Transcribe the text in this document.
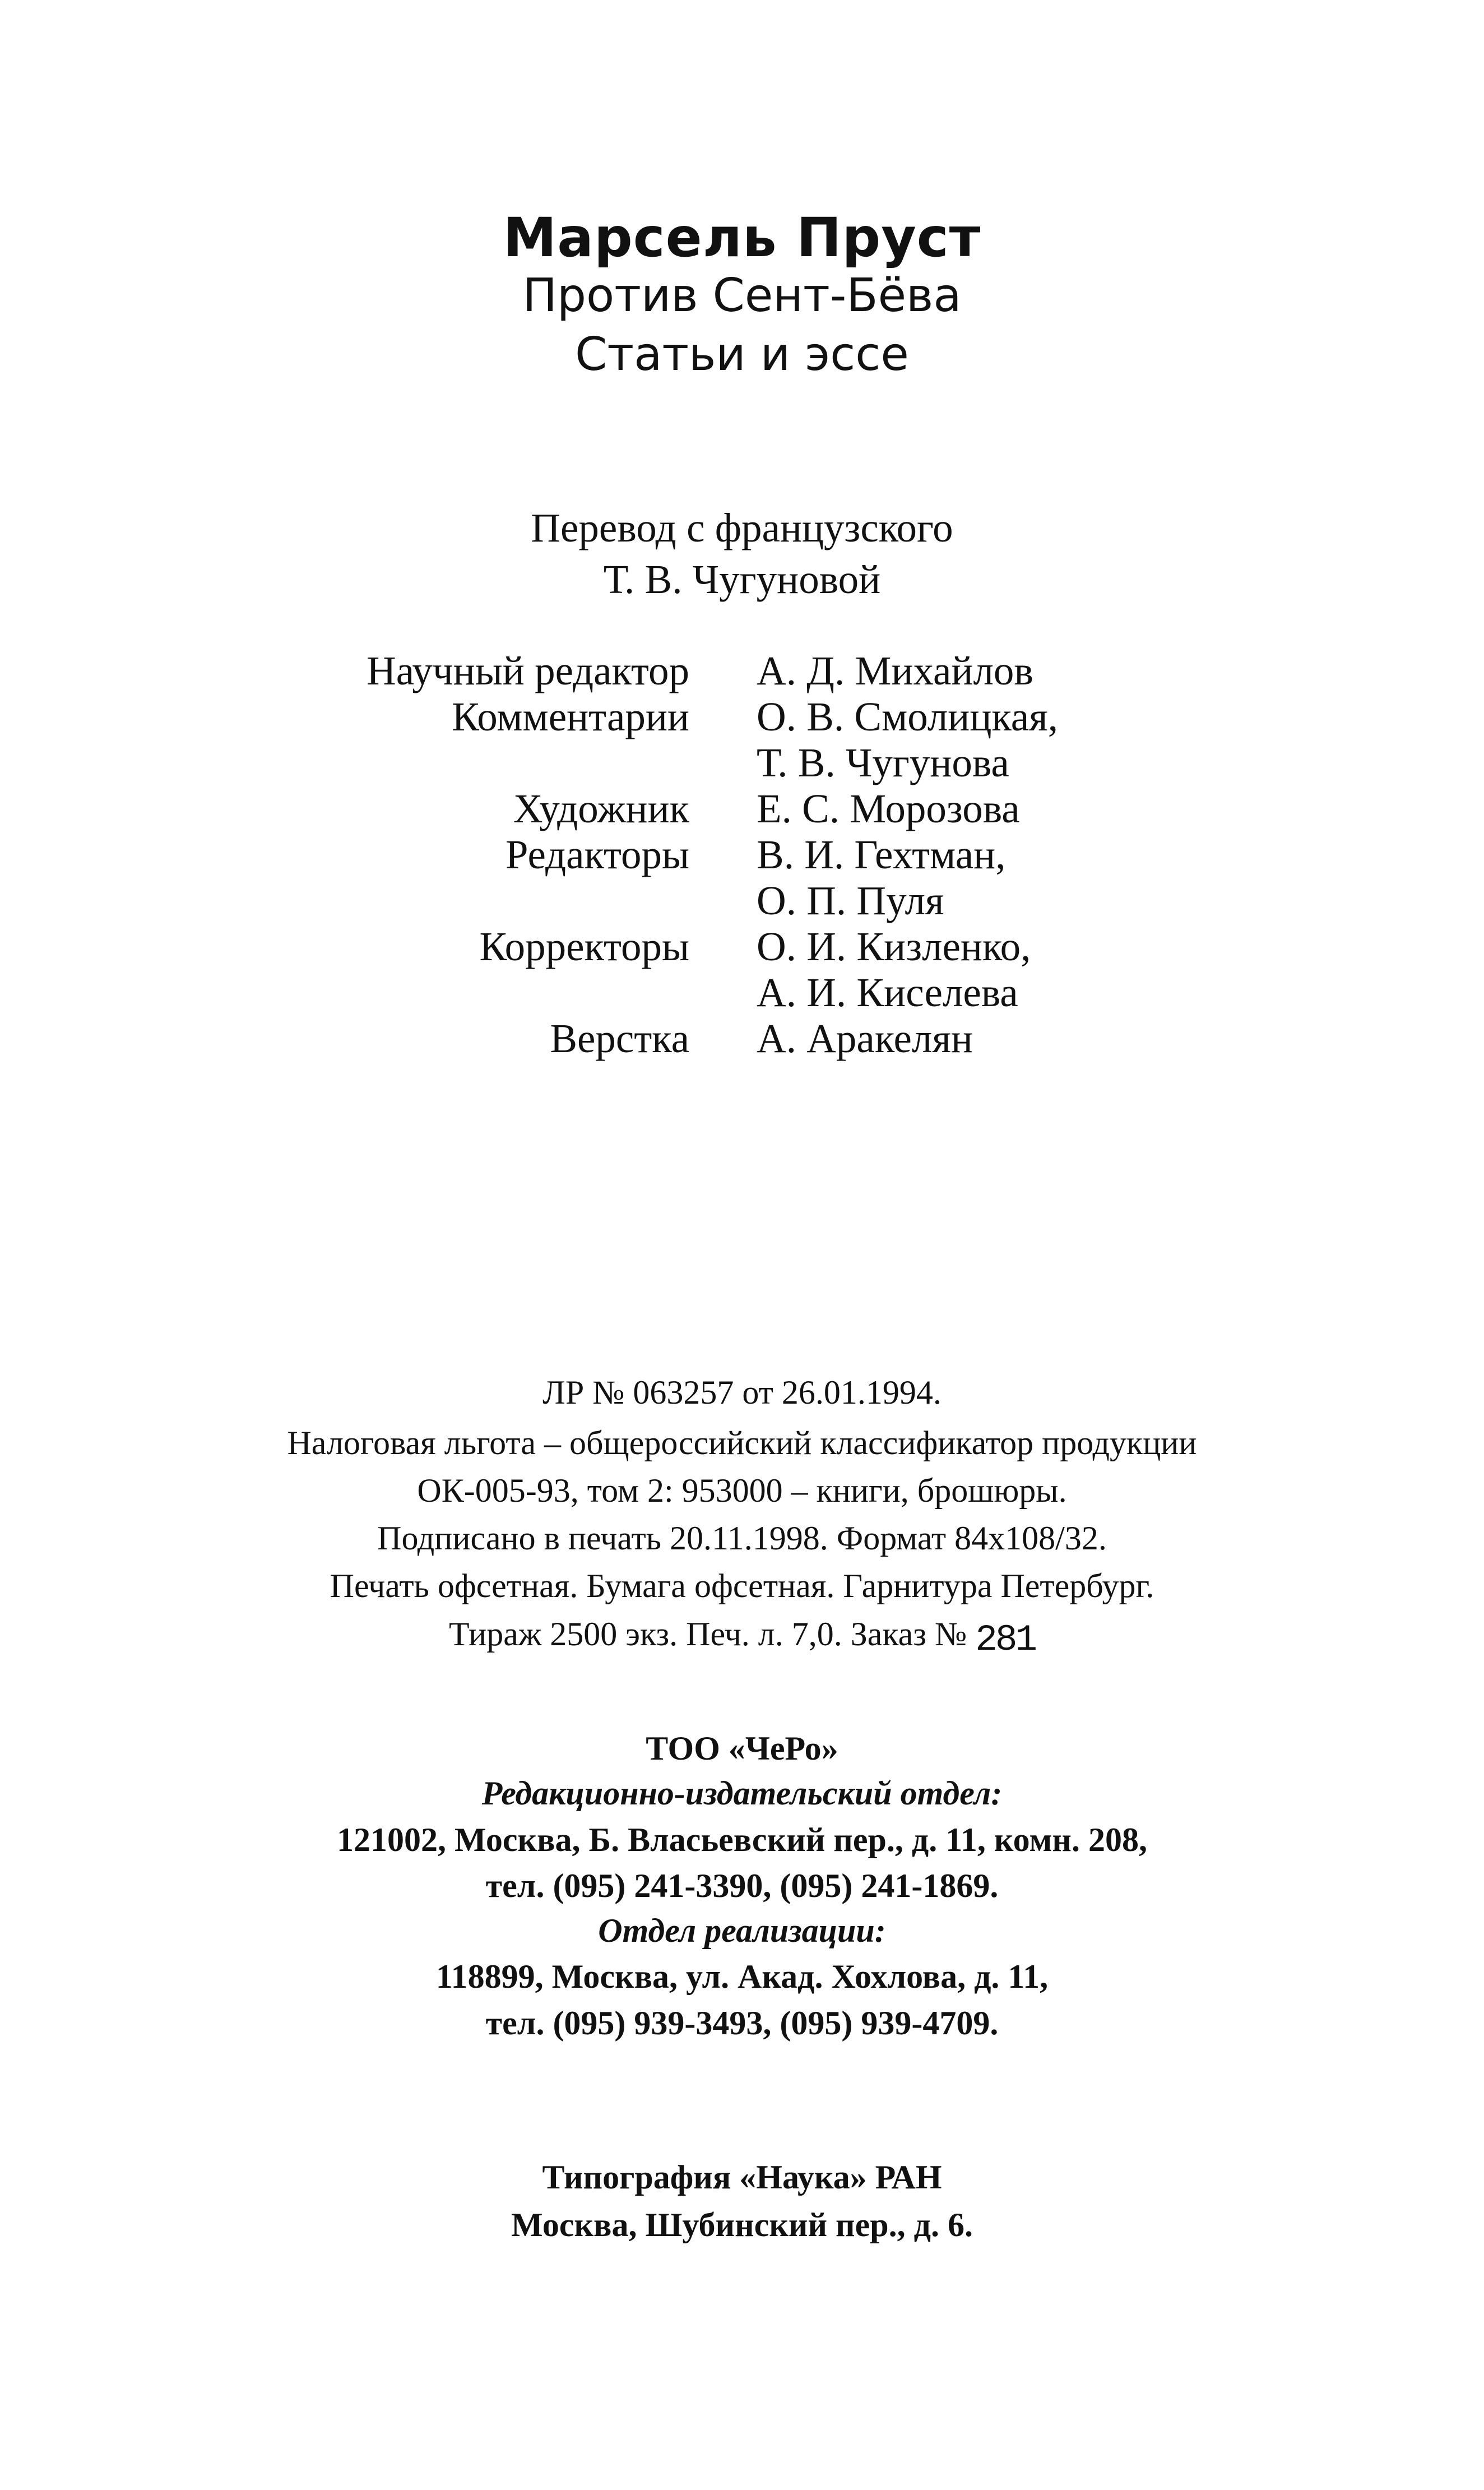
Марсель Пруст
Против Сент-Бёва
Статьи и эссе
Перевод с французского
Т. В. Чугуновой
Научный редактор А. Д. Михайлов
Комментарии О. В. Смолицкая,
Т. В. Чугунова
Художник Е. С. Морозова
Редакторы В. И. Гехтман,
О. П. Пуля
Корректоры О. И. Кизленко,
А. И. Киселева
Верстка А. Аракелян
ЛР № 063257 от 26.01.1994.
Налоговая льгота – общероссийский классификатор продукции
ОК-005-93, том 2: 953000 – книги, брошюры.
Подписано в печать 20.11.1998. Формат 84x108/32.
Печать офсетная. Бумага офсетная. Гарнитура Петербург.
Тираж 2500 экз. Печ. л. 7,0. Заказ № 281
ТОО «ЧеРо»
Редакционно-издательский отдел:
121002, Москва, Б. Власьевский пер., д. 11, комн. 208,
тел. (095) 241-3390, (095) 241-1869.
Отдел реализации:
118899, Москва, ул. Акад. Хохлова, д. 11,
тел. (095) 939-3493, (095) 939-4709.
Типография «Наука» РАН
Москва, Шубинский пер., д. 6.
